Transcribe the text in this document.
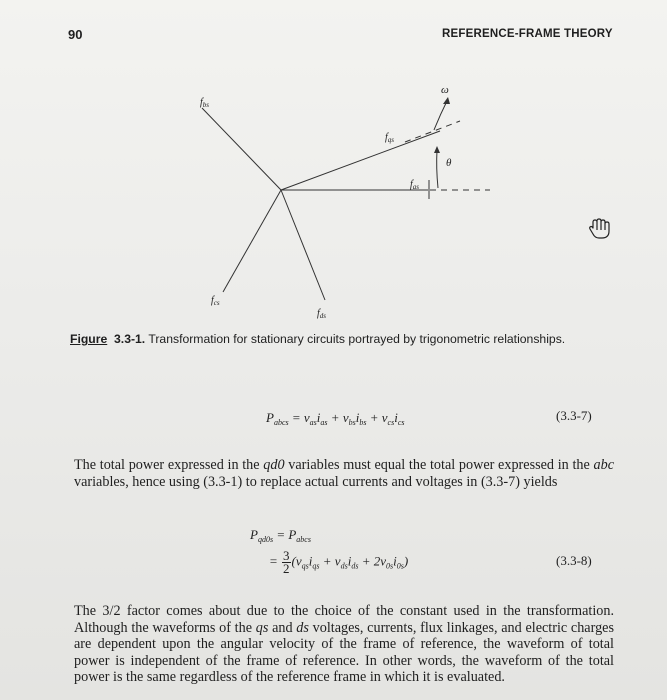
90	REFERENCE-FRAME THEORY
$f_{bs}$
$f_{qs}$
$f_{as}$
$f_{cs}$
$f_{ds}$
ω
θ
Figure 3.3-1. Transformation for stationary circuits portrayed by trigonometric relationships.
$P_{abcs} = v_{as}i_{as} + v_{bs}i_{bs} + v_{cs}i_{cs}$	(3.3-7)
The total power expressed in the qd0 variables must equal the total power expressed in the abc variables, hence using (3.3-1) to replace actual currents and voltages in (3.3-7) yields
$P_{qd0s} = P_{abcs}$
= $\frac{3}{2} (v_{qs}i_{qs} + v_{ds}i_{ds} + 2v_{0s}i_{0s})$	(3.3-8)
The 3/2 factor comes about due to the choice of the constant used in the transformation. Although the waveforms of the qs and ds voltages, currents, flux linkages, and electric charges are dependent upon the angular velocity of the frame of reference, the waveform of total power is independent of the frame of reference. In other words, the waveform of the total power is the same regardless of the reference frame in which it is evaluated.
